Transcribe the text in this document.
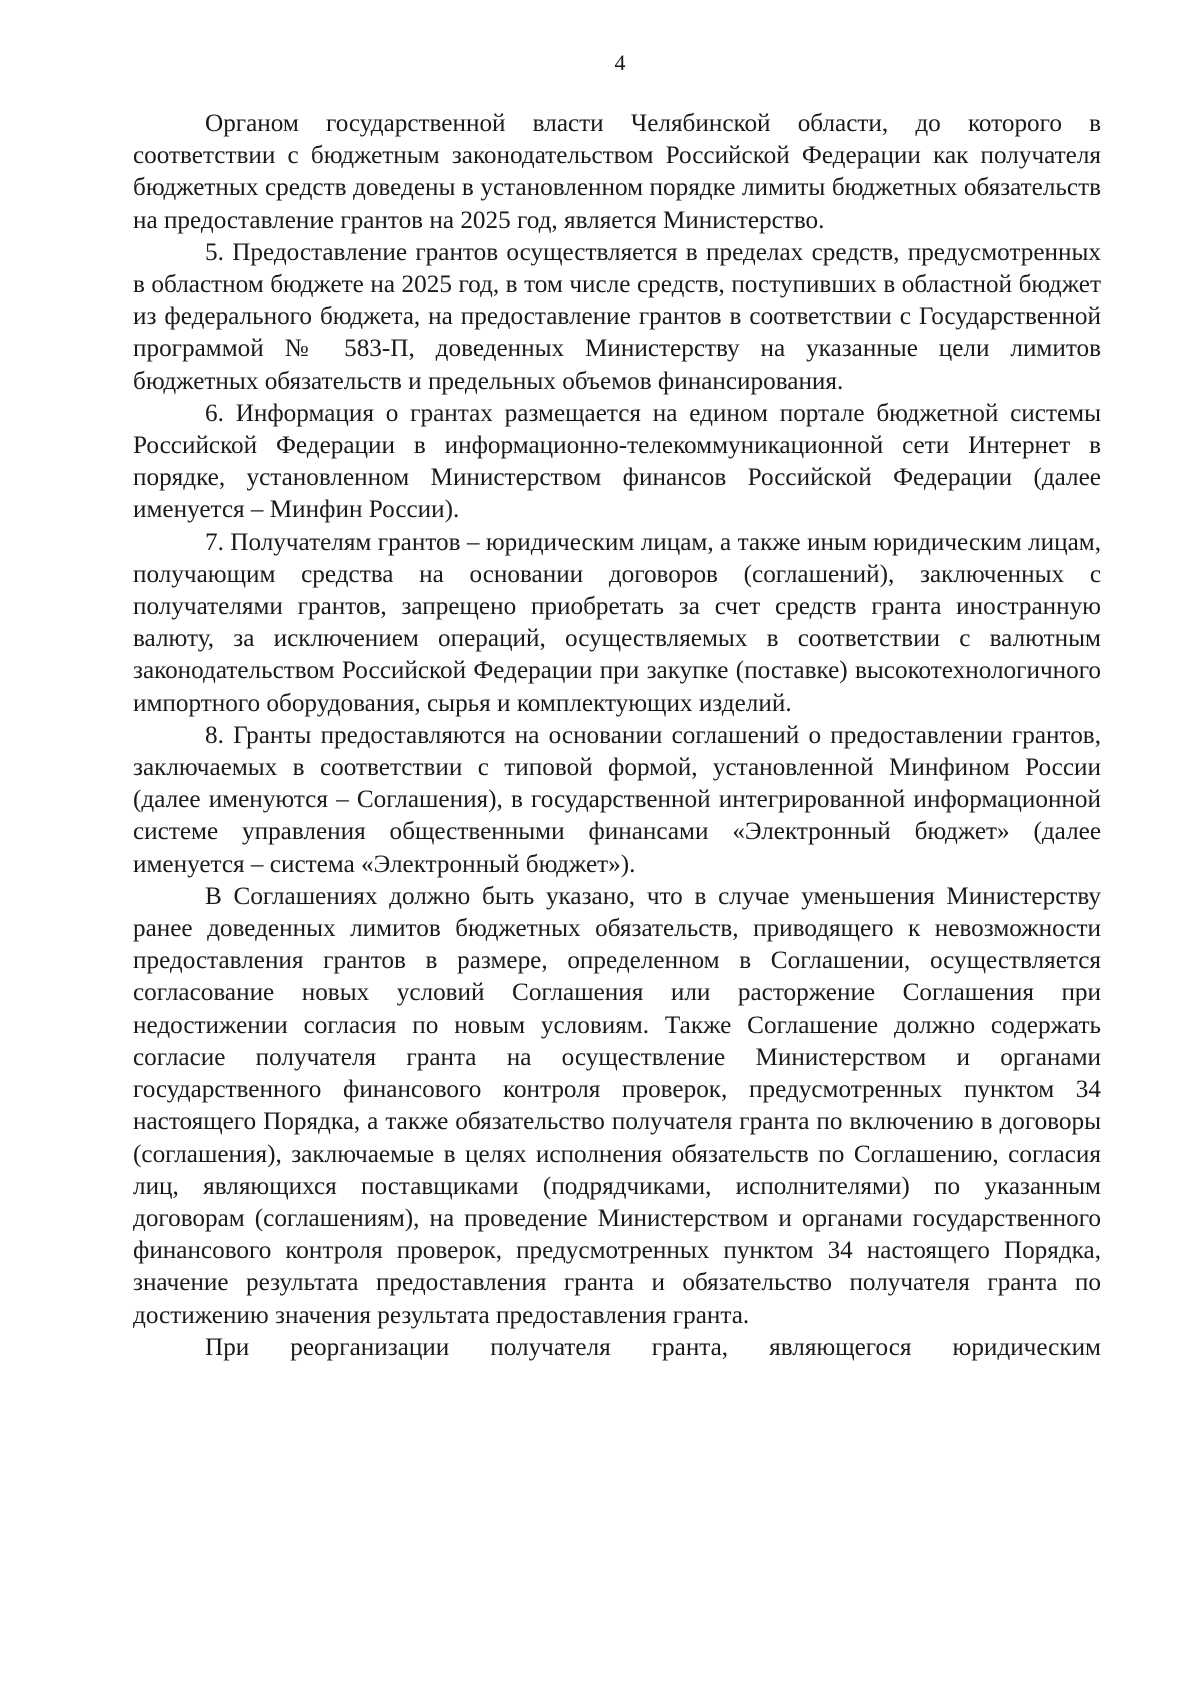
4

Органом государственной власти Челябинской области, до которого в соответствии с бюджетным законодательством Российской Федерации как получателя бюджетных средств доведены в установленном порядке лимиты бюджетных обязательств на предоставление грантов на 2025 год, является Министерство.

5. Предоставление грантов осуществляется в пределах средств, предусмотренных в областном бюджете на 2025 год, в том числе средств, поступивших в областной бюджет из федерального бюджета, на предоставление грантов в соответствии с Государственной программой № 583-П, доведенных Министерству на указанные цели лимитов бюджетных обязательств и предельных объемов финансирования.

6. Информация о грантах размещается на едином портале бюджетной системы Российской Федерации в информационно-телекоммуникационной сети Интернет в порядке, установленном Министерством финансов Российской Федерации (далее именуется – Минфин России).

7. Получателям грантов – юридическим лицам, а также иным юридическим лицам, получающим средства на основании договоров (соглашений), заключенных с получателями грантов, запрещено приобретать за счет средств гранта иностранную валюту, за исключением операций, осуществляемых в соответствии с валютным законодательством Российской Федерации при закупке (поставке) высокотехнологичного импортного оборудования, сырья и комплектующих изделий.

8. Гранты предоставляются на основании соглашений о предоставлении грантов, заключаемых в соответствии с типовой формой, установленной Минфином России (далее именуются – Соглашения), в государственной интегрированной информационной системе управления общественными финансами «Электронный бюджет» (далее именуется – система «Электронный бюджет»).

В Соглашениях должно быть указано, что в случае уменьшения Министерству ранее доведенных лимитов бюджетных обязательств, приводящего к невозможности предоставления грантов в размере, определенном в Соглашении, осуществляется согласование новых условий Соглашения или расторжение Соглашения при недостижении согласия по новым условиям. Также Соглашение должно содержать согласие получателя гранта на осуществление Министерством и органами государственного финансового контроля проверок, предусмотренных пунктом 34 настоящего Порядка, а также обязательство получателя гранта по включению в договоры (соглашения), заключаемые в целях исполнения обязательств по Соглашению, согласия лиц, являющихся поставщиками (подрядчиками, исполнителями) по указанным договорам (соглашениям), на проведение Министерством и органами государственного финансового контроля проверок, предусмотренных пунктом 34 настоящего Порядка, значение результата предоставления гранта и обязательство получателя гранта по достижению значения результата предоставления гранта.

При реорганизации получателя гранта, являющегося юридическим
